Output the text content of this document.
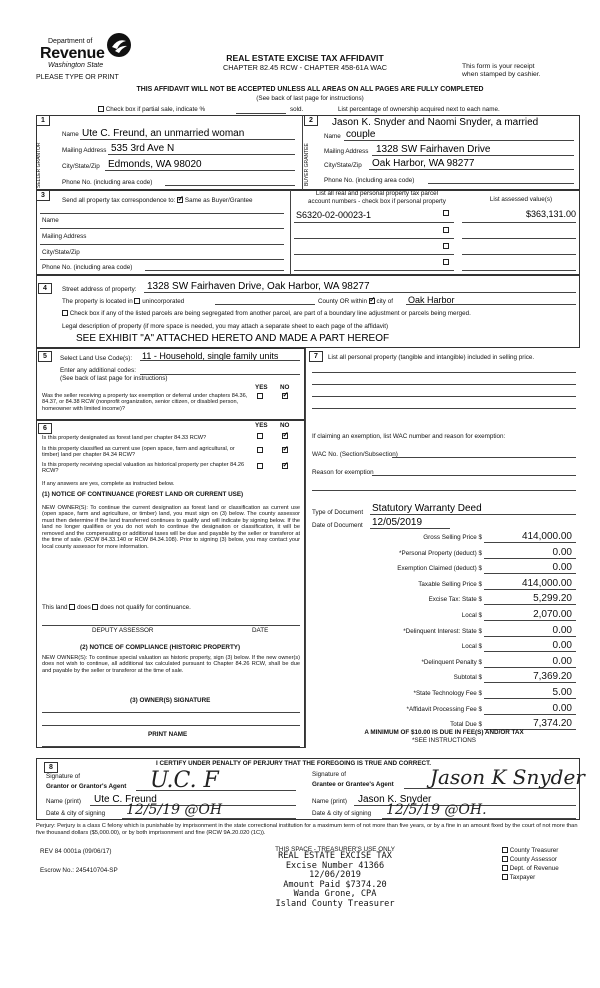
Department of
Revenue
Washington State
PLEASE TYPE OR PRINT
REAL ESTATE EXCISE TAX AFFIDAVIT
CHAPTER 82.45 RCW - CHAPTER 458-61A WAC	This form is your receipt
when stamped by cashier.
THIS AFFIDAVIT WILL NOT BE ACCEPTED UNLESS ALL AREAS ON ALL PAGES ARE FULLY COMPLETED
(See back of last page for instructions)
Check box if partial sale, indicate %	sold.	List percentage of ownership acquired next to each name.
1
SELLER GRANTOR
Name Ute C. Freund, an unmarried woman
Mailing Address 535 3rd Ave N
City/State/Zip Edmonds, WA 98020
Phone No. (including area code)
2
BUYER GRANTEE
Jason K. Snyder and Naomi Snyder, a married
Name couple
Mailing Address 1328 SW Fairhaven Drive
City/State/Zip Oak Harbor, WA 98277
Phone No. (including area code)
3
Send all property tax correspondence to: ✓ Same as Buyer/Grantee
Name
Mailing Address
City/State/Zip
Phone No. (including area code)
List all real and personal property tax parcel
account numbers - check box if personal property	List assessed value(s)
S6320-02-00023-1	$363,131.00
4	Street address of property: 1328 SW Fairhaven Drive, Oak Harbor, WA 98277
The property is located in unincorporated	County OR within ✓ city of Oak Harbor
Check box if any of the listed parcels are being segregated from another parcel, are part of a boundary line adjustment or parcels being merged.
Legal description of property (if more space is needed, you may attach a separate sheet to each page of the affidavit)
SEE EXHIBIT "A" ATTACHED HERETO AND MADE A PART HEREOF
5	Select Land Use Code(s): 11 - Household, single family units
Enter any additional codes:
(See back of last page for instructions)
YES NO
Was the seller receiving a property tax exemption or deferral under chapters 84.36, 84.37, or 84.38 RCW (nonprofit organization, senior citizen, or disabled person, homeowner with limited income)?
✓
7	List all personal property (tangible and intangible) included in selling price.
If claiming an exemption, list WAC number and reason for exemption:
WAC No. (Section/Subsection)
Reason for exemption
Type of Document Statutory Warranty Deed
Date of Document 12/05/2019
Gross Selling Price $	414,000.00
*Personal Property (deduct) $	0.00
Exemption Claimed (deduct) $	0.00
Taxable Selling Price $	414,000.00
Excise Tax: State $	5,299.20
Local $	2,070.00
*Delinquent Interest: State $	0.00
Local $	0.00
*Delinquent Penalty $	0.00
Subtotal $	7,369.20
*State Technology Fee $	5.00
*Affidavit Processing Fee $	0.00
Total Due $	7,374.20
A MINIMUM OF $10.00 IS DUE IN FEE(S) AND/OR TAX
*SEE INSTRUCTIONS
6	YES NO
Is this property designated as forest land per chapter 84.33 RCW?
✓
Is this property classified as current use (open space, farm and agricultural, or timber) land per chapter 84.34 RCW?
✓
Is this property receiving special valuation as historical property per chapter 84.26 RCW?
✓
If any answers are yes, complete as instructed below.
(1) NOTICE OF CONTINUANCE (FOREST LAND OR CURRENT USE)
NEW OWNER(S): To continue the current designation as forest land or classification as current use (open space, farm and agriculture, or timber) land, you must sign on (3) below. The county assessor must then determine if the land transferred continues to qualify and will indicate by signing below. If the land no longer qualifies or you do not wish to continue the designation or classification, it will be removed and the compensating or additional taxes will be due and payable by the seller or transferor at the time of sale. (RCW 84.33.140 or RCW 84.34.108). Prior to signing (3) below, you may contact your local county assessor for more information.
This land does does not qualify for continuance.
DEPUTY ASSESSOR	DATE
(2) NOTICE OF COMPLIANCE (HISTORIC PROPERTY)
NEW OWNER(S): To continue special valuation as historic property, sign (3) below. If the new owner(s) does not wish to continue, all additional tax calculated pursuant to Chapter 84.26 RCW, shall be due and payable by the seller or transferor at the time of sale.
(3) OWNER(S) SIGNATURE
PRINT NAME
8
I CERTIFY UNDER PENALTY OF PERJURY THAT THE FOREGOING IS TRUE AND CORRECT.
Signature of
Grantor or Grantor's Agent U.C. F
Name (print) Ute C. Freund
Date & city of signing 12/5/19 @OH
Signature of
Grantee or Grantee's Agent Jason K Snyder
Name (print) Jason K. Snyder
Date & city of signing 12/5/19 @OH.
Perjury: Perjury is a class C felony which is punishable by imprisonment in the state correctional institution for a maximum term of not more than five years, or by a fine in an amount fixed by the court of not more than five thousand dollars ($5,000.00), or by both imprisonment and fine (RCW 9A.20.020 (1C)).
REV 84 0001a (09/06/17)
Escrow No.: 245410704-SP
THIS SPACE - TREASURER'S USE ONLY
REAL ESTATE EXCISE TAX
Excise Number 41366
12/06/2019
Amount Paid $7374.20
Wanda Grone, CPA
Island County Treasurer
County Treasurer
County Assessor
Dept. of Revenue
Taxpayer
